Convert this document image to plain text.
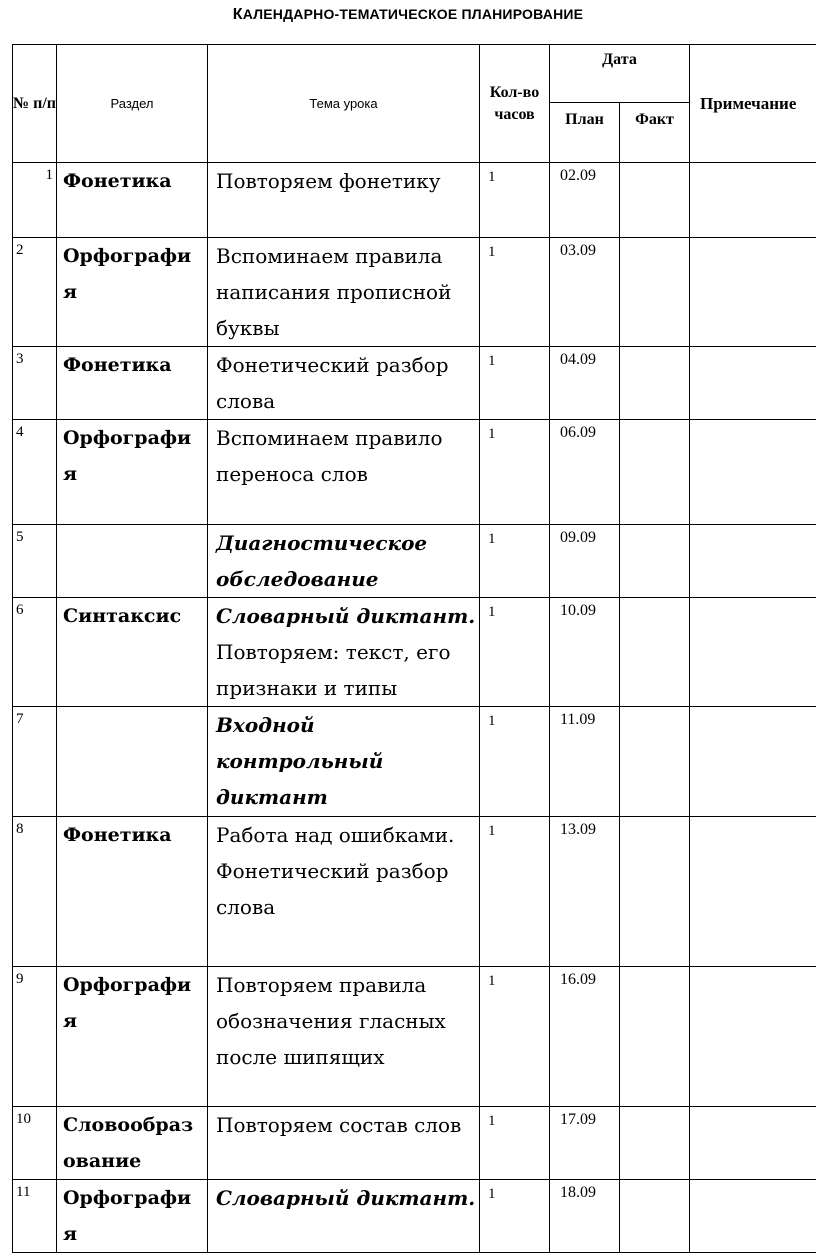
КАЛЕНДАРНО-ТЕМАТИЧЕСКОЕ ПЛАНИРОВАНИЕ
№ п/п	Раздел	Тема урока	Кол-во часов	Дата		Примечание
				План	Факт	
1	Фонетика	Повторяем фонетику	1	02.09		
2	Орфография	Вспоминаем правила написания прописной буквы	1	03.09		
3	Фонетика	Фонетический разбор слова	1	04.09		
4	Орфография	Вспоминаем правило переноса слов	1	06.09		
5		Диагностическое обследование	1	09.09		
6	Синтаксис	Словарный диктант. Повторяем: текст, его признаки и типы	1	10.09		
7		Входной контрольный диктант	1	11.09		
8	Фонетика	Работа над ошибками. Фонетический разбор слова	1	13.09		
9	Орфография	Повторяем правила обозначения гласных после шипящих	1	16.09		
10	Словообразование	Повторяем состав слов	1	17.09		
11	Орфография	Словарный диктант.	1	18.09		
